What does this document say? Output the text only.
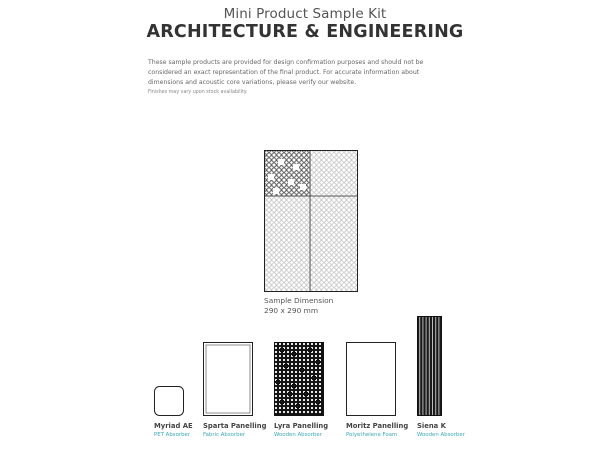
Mini Product Sample Kit
ARCHITECTURE & ENGINEERING
These sample products are provided for design confirmation purposes and should not be considered an exact representation of the final product. For accurate information about dimensions and acoustic core variations, please verify our website.
Finishes may vary upon stock availability.
Sample Dimension
290 x 290 mm
Myriad AE
PET Absorber
Sparta Panelling
Fabric Absorber
Lyra Panelling
Wooden Absorber
Moritz Panelling
Polyethelene Foam
Siena K
Wooden Absorber
